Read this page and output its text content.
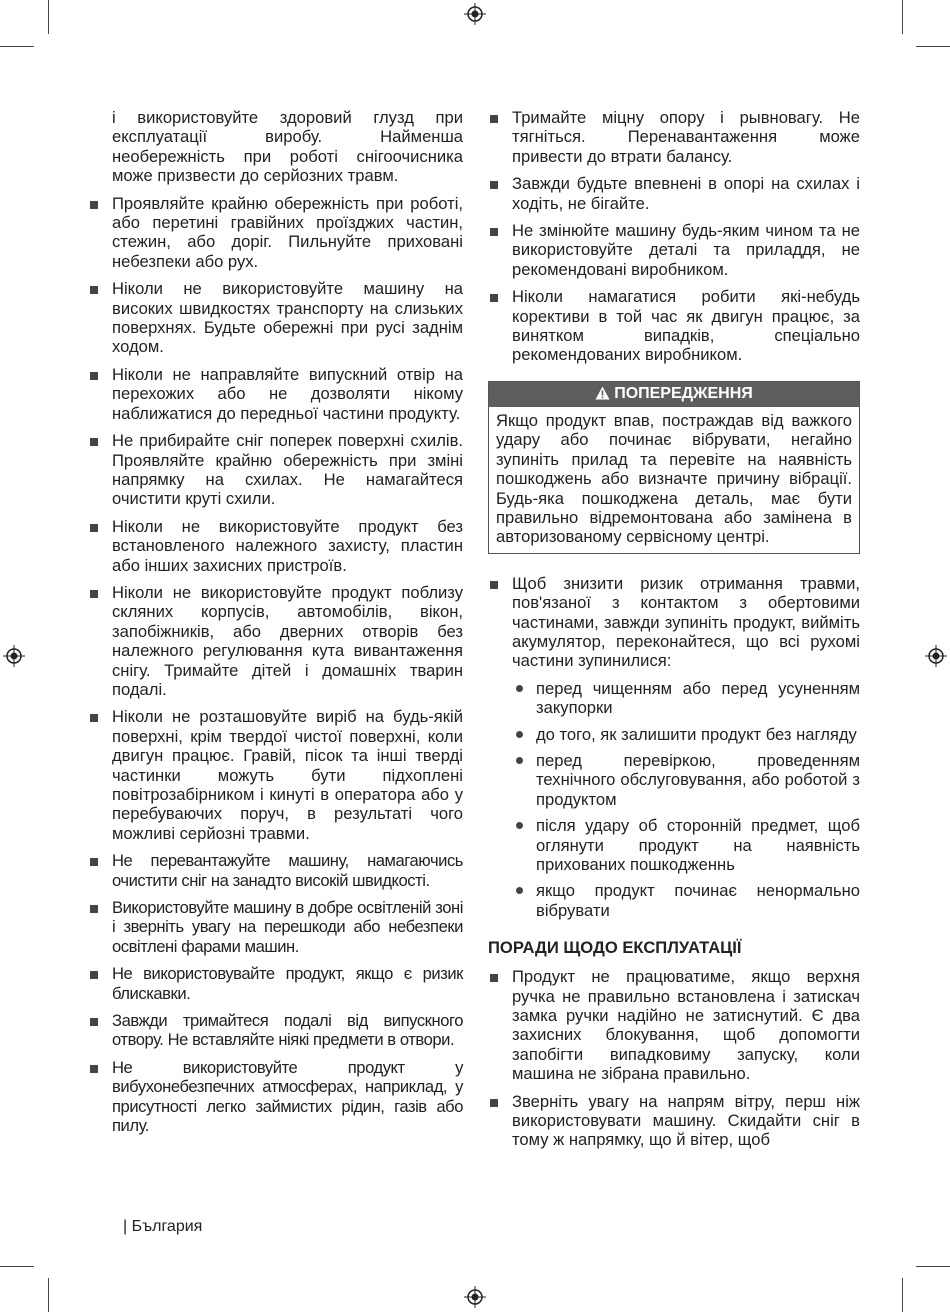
і використовуйте здоровий глузд при експлуатації виробу. Найменша необережність при роботі снігоочисника може призвести до серйозних травм.

Проявляйте крайню обережність при роботі, або перетині гравійних проїзджих частин, стежин, або доріг. Пильнуйте приховані небезпеки або рух.
Ніколи не використовуйте машину на високих швидкостях транспорту на слизьких поверхнях. Будьте обережні при русі заднім ходом.
Ніколи не направляйте випускний отвір на перехожих або не дозволяти нікому наближатися до передньої частини продукту.
Не прибирайте сніг поперек поверхні схилів. Проявляйте крайню обережність при зміні напрямку на схилах. Не намагайтеся очистити круті схили.
Ніколи не використовуйте продукт без встановленого належного захисту, пластин або інших захисних пристроїв.
Ніколи не використовуйте продукт поблизу скляних корпусів, автомобілів, вікон, запобіжників, або дверних отворів без належного регулювання кута вивантаження снігу. Тримайте дітей і домашніх тварин подалі.
Ніколи не розташовуйте виріб на будь-якій поверхні, крім твердої чистої поверхні, коли двигун працює. Гравій, пісок та інші тверді частинки можуть бути підхоплені повітрозабірником і кинуті в оператора або у перебуваючих поруч, в результаті чого можливі серйозні травми.
Не перевантажуйте машину, намагаючись очистити сніг на занадто високій швидкості.
Використовуйте машину в добре освітленій зоні і зверніть увагу на перешкоди або небезпеки освітлені фарами машин.
Не використовувайте продукт, якщо є ризик блискавки.
Завжди тримайтеся подалі від випускного отвору. Не вставляйте ніякі предмети в отвори.
Не використовуйте продукт у вибухонебезпечних атмосферах, наприклад, у присутності легко займистих рідин, газів або пилу.
Тримайте міцну опору і рывновагу. Не тягніться. Перенавантаження може привести до втрати балансу.
Завжди будьте впевнені в опорі на схилах і ходіть, не бігайте.
Не змінюйте машину будь-яким чином та не використовуйте деталі та приладдя, не рекомендовані виробником.
Ніколи намагатися робити які-небудь корективи в той час як двигун працює, за винятком випадків, спеціально рекомендованих виробником.
ПОПЕРЕДЖЕННЯ
Якщо продукт впав, постраждав від важкого удару або починає вібрувати, негайно зупиніть прилад та перевіте на наявність пошкоджень або визначте причину вібрації. Будь-яка пошкоджена деталь, має бути правильно відремонтована або замінена в авторизованому сервісному центрі.
Щоб знизити ризик отримання травми, пов'язаної з контактом з обертовими частинами, завжди зупиніть продукт, вийміть акумулятор, переконайтеся, що всі рухомі частини зупинилися:
перед чищенням або перед усуненням закупорки
до того, як залишити продукт без нагляду
перед перевіркою, проведенням технічного обслуговування, або роботой з продуктом
після удару об сторонній предмет, щоб оглянути продукт на наявність прихованих пошкодженнь
якщо продукт починає ненормально вібрувати
ПОРАДИ ЩОДО ЕКСПЛУАТАЦІЇ
Продукт не працюватиме, якщо верхня ручка не правильно встановлена і затискач замка ручки надійно не затиснутий. Є два захисних блокування, щоб допомогти запобігти випадковиму запуску, коли машина не зібрана правильно.
Зверніть увагу на напрям вітру, перш ніж використовувати машину. Скидайти сніг в тому ж напрямку, що й вітер, щоб
| България
